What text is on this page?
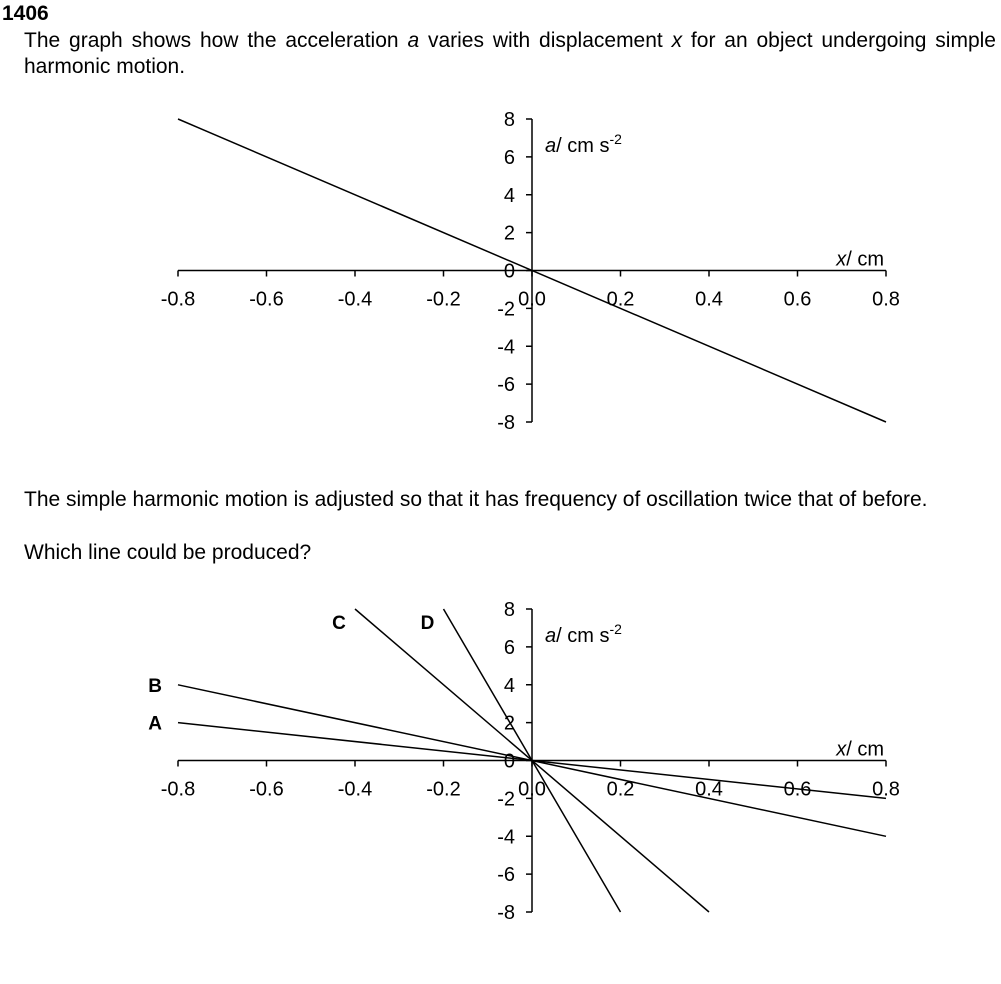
1406
The graph shows how the acceleration a varies with displacement x for an object undergoing simple harmonic motion.
-0.8	-0.6	-0.4	-0.2	0.0	0.2	0.4	0.6	0.8
8
6
4
2
0
-2
-4
-6
-8
x/ cm
a/ cm $s^{-2}$
The simple harmonic motion is adjusted so that it has frequency of oscillation twice that of before.
Which line could be produced?
-0.8	-0.6	-0.4	-0.2	0.0	0.2	0.4	0.6	0.8
8
6
4
2
0
-2
-4
-6
-8
x/ cm
a/ cm $s^{-2}$
A
B
C	D
